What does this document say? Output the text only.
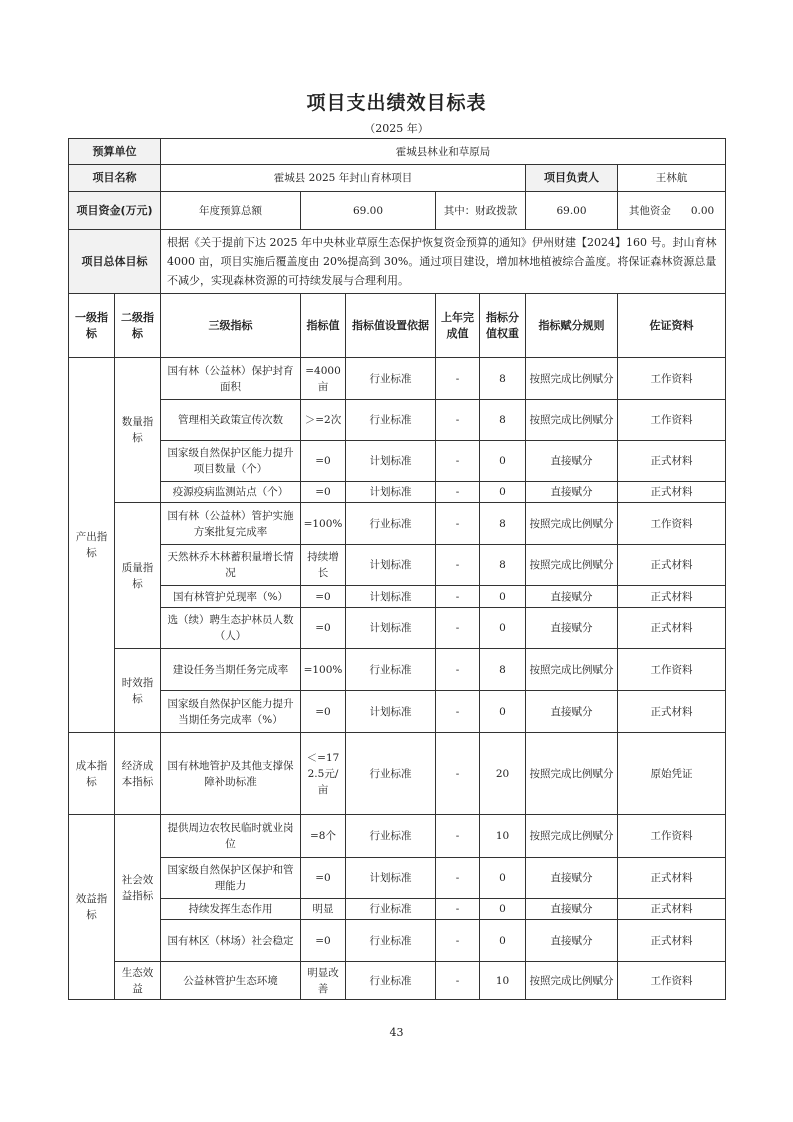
项目支出绩效目标表
（2025 年）
预算单位		霍城县林业和草原局						
项目名称		霍城县 2025 年封山育林项目					项目负责人	王林航
项目资金(万元)		年度预算总额	69.00		其中：财政拨款		69.00	其他资金 0.00
项目总体目标		根据《关于提前下达 2025 年中央林业草原生态保护恢复资金预算的通知》伊州财建【2024】160 号。封山育林 4000 亩，项目实施后覆盖度由 20%提高到 30%。通过项目建设，增加林地植被综合盖度。将保证森林资源总量不减少，实现森林资源的可持续发展与合理利用。						
一级指标	二级指标	三级指标	指标值	指标值设置依据	上年完成值	指标分值权重	指标赋分规则	佐证资料
产出指标	数量指标	国有林（公益林）保护封育面积	=4000亩	行业标准	-	8	按照完成比例赋分	工作资料
		管理相关政策宣传次数	＞=2次	行业标准	-	8	按照完成比例赋分	工作资料
		国家级自然保护区能力提升项目数量（个）	=0	计划标准	-	0	直接赋分	正式材料
		疫源疫病监测站点（个）	=0	计划标准	-	0	直接赋分	正式材料
	质量指标	国有林（公益林）管护实施方案批复完成率	=100%	行业标准	-	8	按照完成比例赋分	工作资料
		天然林乔木林蓄积量增长情况	持续增长	计划标准	-	8	按照完成比例赋分	正式材料
		国有林管护兑现率（%）	=0	计划标准	-	0	直接赋分	正式材料
		选（续）聘生态护林员人数（人）	=0	计划标准	-	0	直接赋分	正式材料
	时效指标	建设任务当期任务完成率	=100%	行业标准	-	8	按照完成比例赋分	工作资料
		国家级自然保护区能力提升当期任务完成率（%）	=0	计划标准	-	0	直接赋分	正式材料
成本指标	经济成本指标	国有林地管护及其他支撑保障补助标准	＜=172.5元/亩	行业标准	-	20	按照完成比例赋分	原始凭证
效益指标	社会效益指标	提供周边农牧民临时就业岗位	=8个	行业标准	-	10	按照完成比例赋分	工作资料
		国家级自然保护区保护和管理能力	=0	计划标准	-	0	直接赋分	正式材料
		持续发挥生态作用	明显	行业标准	-	0	直接赋分	正式材料
		国有林区（林场）社会稳定	=0	行业标准	-	0	直接赋分	正式材料
	生态效益	公益林管护生态环境	明显改善	行业标准	-	10	按照完成比例赋分	工作资料
43
